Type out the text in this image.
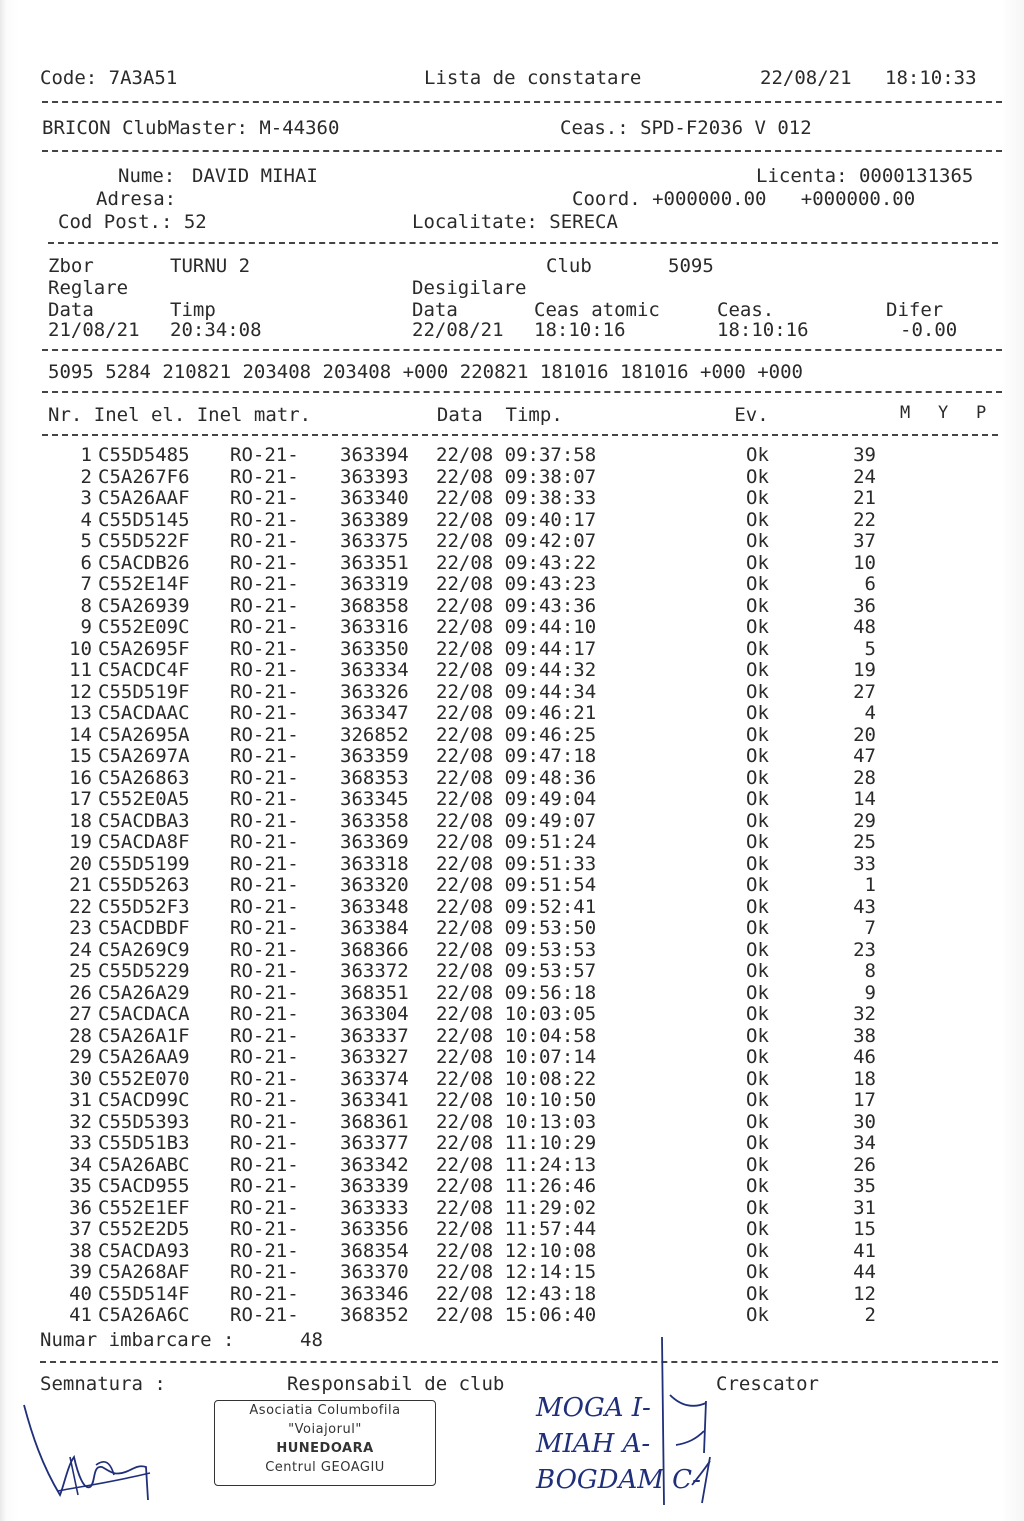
Code: 7A3A51	Lista de constatare	22/08/21 18:10:33
BRICON ClubMaster: M-44360	Ceas.: SPD-F2036 V 012
Nume: DAVID MIHAI	Licenta: 0000131365
Adresa:	Coord. +000000.00   +000000.00
Cod Post.: 52	Localitate: SERECA
Zbor	TURNU 2	Club	5095
Reglare	Desigilare
Data	Timp	Data	Ceas atomic	Ceas.	Difer
21/08/21 20:34:08	22/08/21 18:10:16	18:10:16	-0.00
5095 5284 210821 203408 203408 +000 220821 181016 181016 +000 +000
Nr. Inel el. Inel matr.           Data  Timp.               Ev.	M Y P
1	C55D5485	RO-21-	363394	22/08 09:37:58	Ok	39
2	C5A267F6	RO-21-	363393	22/08 09:38:07	Ok	24
3	C5A26AAF	RO-21-	363340	22/08 09:38:33	Ok	21
4	C55D5145	RO-21-	363389	22/08 09:40:17	Ok	22
5	C55D522F	RO-21-	363375	22/08 09:42:07	Ok	37
6	C5ACDB26	RO-21-	363351	22/08 09:43:22	Ok	10
7	C552E14F	RO-21-	363319	22/08 09:43:23	Ok	6
8	C5A26939	RO-21-	368358	22/08 09:43:36	Ok	36
9	C552E09C	RO-21-	363316	22/08 09:44:10	Ok	48
10	C5A2695F	RO-21-	363350	22/08 09:44:17	Ok	5
11	C5ACDC4F	RO-21-	363334	22/08 09:44:32	Ok	19
12	C55D519F	RO-21-	363326	22/08 09:44:34	Ok	27
13	C5ACDAAC	RO-21-	363347	22/08 09:46:21	Ok	4
14	C5A2695A	RO-21-	326852	22/08 09:46:25	Ok	20
15	C5A2697A	RO-21-	363359	22/08 09:47:18	Ok	47
16	C5A26863	RO-21-	368353	22/08 09:48:36	Ok	28
17	C552E0A5	RO-21-	363345	22/08 09:49:04	Ok	14
18	C5ACDBA3	RO-21-	363358	22/08 09:49:07	Ok	29
19	C5ACDA8F	RO-21-	363369	22/08 09:51:24	Ok	25
20	C55D5199	RO-21-	363318	22/08 09:51:33	Ok	33
21	C55D5263	RO-21-	363320	22/08 09:51:54	Ok	1
22	C55D52F3	RO-21-	363348	22/08 09:52:41	Ok	43
23	C5ACDBDF	RO-21-	363384	22/08 09:53:50	Ok	7
24	C5A269C9	RO-21-	368366	22/08 09:53:53	Ok	23
25	C55D5229	RO-21-	363372	22/08 09:53:57	Ok	8
26	C5A26A29	RO-21-	368351	22/08 09:56:18	Ok	9
27	C5ACDACA	RO-21-	363304	22/08 10:03:05	Ok	32
28	C5A26A1F	RO-21-	363337	22/08 10:04:58	Ok	38
29	C5A26AA9	RO-21-	363327	22/08 10:07:14	Ok	46
30	C552E070	RO-21-	363374	22/08 10:08:22	Ok	18
31	C5ACD99C	RO-21-	363341	22/08 10:10:50	Ok	17
32	C55D5393	RO-21-	368361	22/08 10:13:03	Ok	30
33	C55D51B3	RO-21-	363377	22/08 11:10:29	Ok	34
34	C5A26ABC	RO-21-	363342	22/08 11:24:13	Ok	26
35	C5ACD955	RO-21-	363339	22/08 11:26:46	Ok	35
36	C552E1EF	RO-21-	363333	22/08 11:29:02	Ok	31
37	C552E2D5	RO-21-	363356	22/08 11:57:44	Ok	15
38	C5ACDA93	RO-21-	368354	22/08 12:10:08	Ok	41
39	C5A268AF	RO-21-	363370	22/08 12:14:15	Ok	44
40	C55D514F	RO-21-	363346	22/08 12:43:18	Ok	12
41	C5A26A6C	RO-21-	368352	22/08 15:06:40	Ok	2
Numar imbarcare :	48
Semnatura :	Responsabil de club	Crescator
Asociatia Columbofila
"Voiajorul"
HUNEDOARA
Centrul GEOAGIU
MOGA I-
MIAH A-
BOGDAM C-
